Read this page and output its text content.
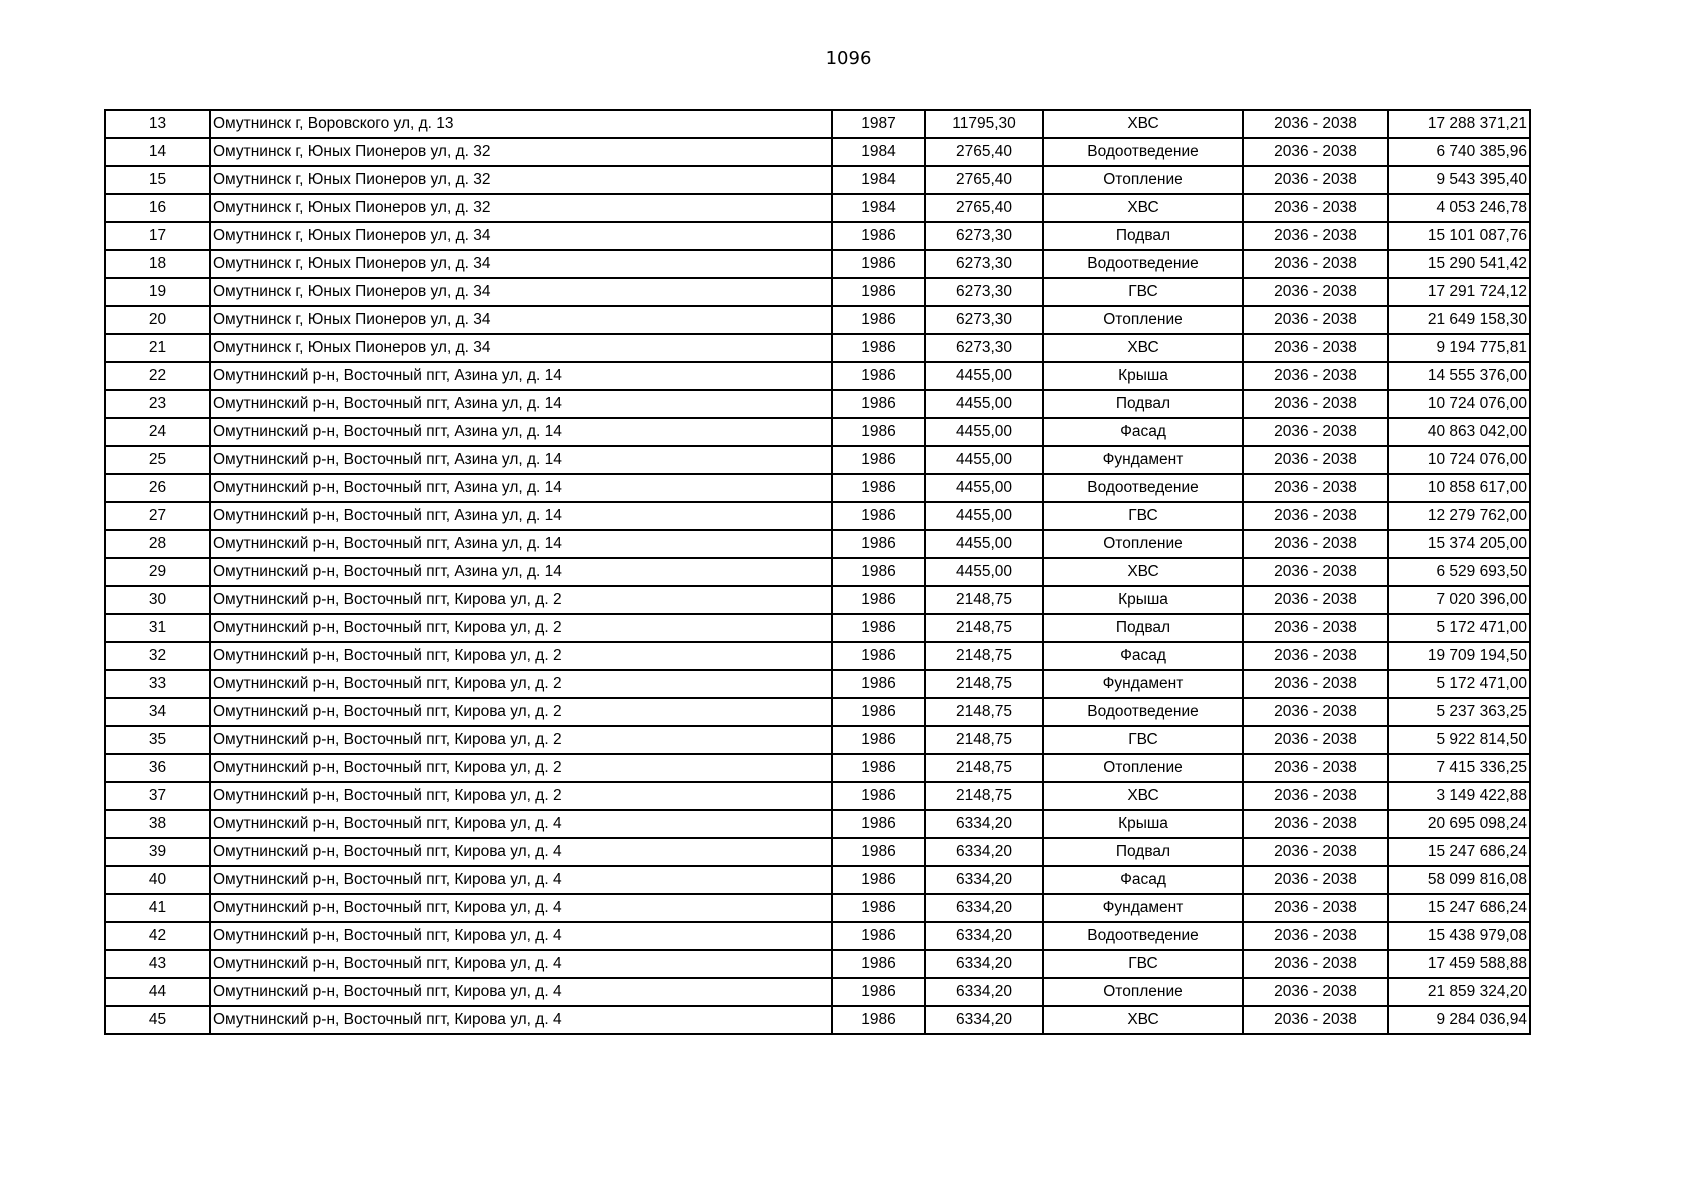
1096
13	Омутнинск г, Воровского ул, д. 13	1987	11795,30	ХВС	2036 - 2038	17 288 371,21
14	Омутнинск г, Юных Пионеров ул, д. 32	1984	2765,40	Водоотведение	2036 - 2038	6 740 385,96
15	Омутнинск г, Юных Пионеров ул, д. 32	1984	2765,40	Отопление	2036 - 2038	9 543 395,40
16	Омутнинск г, Юных Пионеров ул, д. 32	1984	2765,40	ХВС	2036 - 2038	4 053 246,78
17	Омутнинск г, Юных Пионеров ул, д. 34	1986	6273,30	Подвал	2036 - 2038	15 101 087,76
18	Омутнинск г, Юных Пионеров ул, д. 34	1986	6273,30	Водоотведение	2036 - 2038	15 290 541,42
19	Омутнинск г, Юных Пионеров ул, д. 34	1986	6273,30	ГВС	2036 - 2038	17 291 724,12
20	Омутнинск г, Юных Пионеров ул, д. 34	1986	6273,30	Отопление	2036 - 2038	21 649 158,30
21	Омутнинск г, Юных Пионеров ул, д. 34	1986	6273,30	ХВС	2036 - 2038	9 194 775,81
22	Омутнинский р-н, Восточный пгт, Азина ул, д. 14	1986	4455,00	Крыша	2036 - 2038	14 555 376,00
23	Омутнинский р-н, Восточный пгт, Азина ул, д. 14	1986	4455,00	Подвал	2036 - 2038	10 724 076,00
24	Омутнинский р-н, Восточный пгт, Азина ул, д. 14	1986	4455,00	Фасад	2036 - 2038	40 863 042,00
25	Омутнинский р-н, Восточный пгт, Азина ул, д. 14	1986	4455,00	Фундамент	2036 - 2038	10 724 076,00
26	Омутнинский р-н, Восточный пгт, Азина ул, д. 14	1986	4455,00	Водоотведение	2036 - 2038	10 858 617,00
27	Омутнинский р-н, Восточный пгт, Азина ул, д. 14	1986	4455,00	ГВС	2036 - 2038	12 279 762,00
28	Омутнинский р-н, Восточный пгт, Азина ул, д. 14	1986	4455,00	Отопление	2036 - 2038	15 374 205,00
29	Омутнинский р-н, Восточный пгт, Азина ул, д. 14	1986	4455,00	ХВС	2036 - 2038	6 529 693,50
30	Омутнинский р-н, Восточный пгт, Кирова ул, д. 2	1986	2148,75	Крыша	2036 - 2038	7 020 396,00
31	Омутнинский р-н, Восточный пгт, Кирова ул, д. 2	1986	2148,75	Подвал	2036 - 2038	5 172 471,00
32	Омутнинский р-н, Восточный пгт, Кирова ул, д. 2	1986	2148,75	Фасад	2036 - 2038	19 709 194,50
33	Омутнинский р-н, Восточный пгт, Кирова ул, д. 2	1986	2148,75	Фундамент	2036 - 2038	5 172 471,00
34	Омутнинский р-н, Восточный пгт, Кирова ул, д. 2	1986	2148,75	Водоотведение	2036 - 2038	5 237 363,25
35	Омутнинский р-н, Восточный пгт, Кирова ул, д. 2	1986	2148,75	ГВС	2036 - 2038	5 922 814,50
36	Омутнинский р-н, Восточный пгт, Кирова ул, д. 2	1986	2148,75	Отопление	2036 - 2038	7 415 336,25
37	Омутнинский р-н, Восточный пгт, Кирова ул, д. 2	1986	2148,75	ХВС	2036 - 2038	3 149 422,88
38	Омутнинский р-н, Восточный пгт, Кирова ул, д. 4	1986	6334,20	Крыша	2036 - 2038	20 695 098,24
39	Омутнинский р-н, Восточный пгт, Кирова ул, д. 4	1986	6334,20	Подвал	2036 - 2038	15 247 686,24
40	Омутнинский р-н, Восточный пгт, Кирова ул, д. 4	1986	6334,20	Фасад	2036 - 2038	58 099 816,08
41	Омутнинский р-н, Восточный пгт, Кирова ул, д. 4	1986	6334,20	Фундамент	2036 - 2038	15 247 686,24
42	Омутнинский р-н, Восточный пгт, Кирова ул, д. 4	1986	6334,20	Водоотведение	2036 - 2038	15 438 979,08
43	Омутнинский р-н, Восточный пгт, Кирова ул, д. 4	1986	6334,20	ГВС	2036 - 2038	17 459 588,88
44	Омутнинский р-н, Восточный пгт, Кирова ул, д. 4	1986	6334,20	Отопление	2036 - 2038	21 859 324,20
45	Омутнинский р-н, Восточный пгт, Кирова ул, д. 4	1986	6334,20	ХВС	2036 - 2038	9 284 036,94
